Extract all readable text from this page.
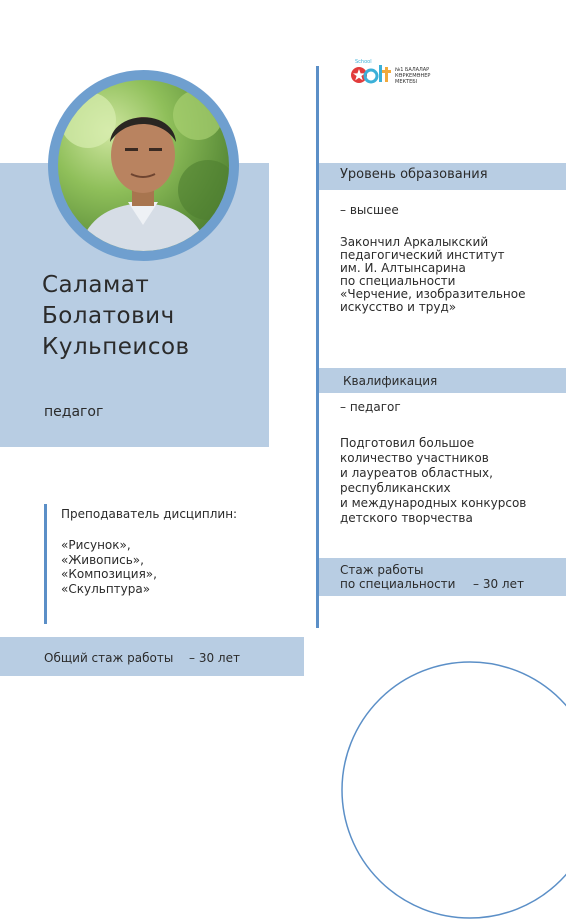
Саламат
Болатович
Кульпеисов
педагог
Преподаватель дисциплин:
«Рисунок»,
«Живопись»,
«Композиция»,
«Скульптура»
Общий стаж работы – 30 лет
School
№1 БАЛАЛАР
КӨРКЕМӨНЕР
МЕКТЕБІ
Уровень образования
– высшее
Закончил Аркалыкский
педагогический институт
им. И. Алтынсарина
по специальности
«Черчение, изобразительное
искусство и труд»
Квалификация
– педагог
Подготовил большое
количество участников
и лауреатов областных,
республиканских
и международных конкурсов
детского творчества
Стаж работы
по специальности – 30 лет
